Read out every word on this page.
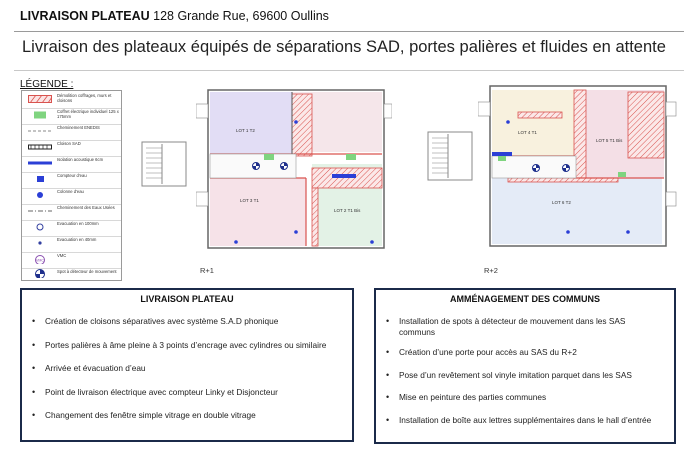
LIVRAISON PLATEAU 128 Grande Rue, 69600 Oullins
Livraison des plateaux équipés de séparations SAD, portes palières et fluides en attente
LÉGENDE :
Démolition coffrages, murs et cloisons
Coffret électrique individuel 125 x 175mm
Cheminement ENEDIS
Cloison SAD
Isolation acoustique 6cm
Compteur d'eau
Colonne d'eau
Cheminement des Eaux Usées
Evacuation en 100mm
Evacuation en 40mm
VMC
VMC
Spot à détecteur de mouvement
LOT 1 T2
LOT 2 T1 Bis
LOT 3 T1
R+1
LOT 4 T1
LOT 5 T1 Bis
LOT 6 T2
R+2
LIVRAISON PLATEAU
• Création de cloisons séparatives avec système S.A.D phonique
• Portes palières à âme pleine à 3 points d’encrage avec cylindres ou similaire
• Arrivée et évacuation d’eau
• Point de livraison électrique avec compteur Linky et Disjoncteur
• Changement des fenêtre simple vitrage en double vitrage
AMMÉNAGEMENT DES COMMUNS
• Installation de spots à détecteur de mouvement dans les SAS communs
• Création d’une porte pour accès au SAS du R+2
• Pose d’un revêtement sol vinyle imitation parquet dans les SAS
• Mise en peinture des parties communes
• Installation de boîte aux lettres supplémentaires dans le hall d’entrée
